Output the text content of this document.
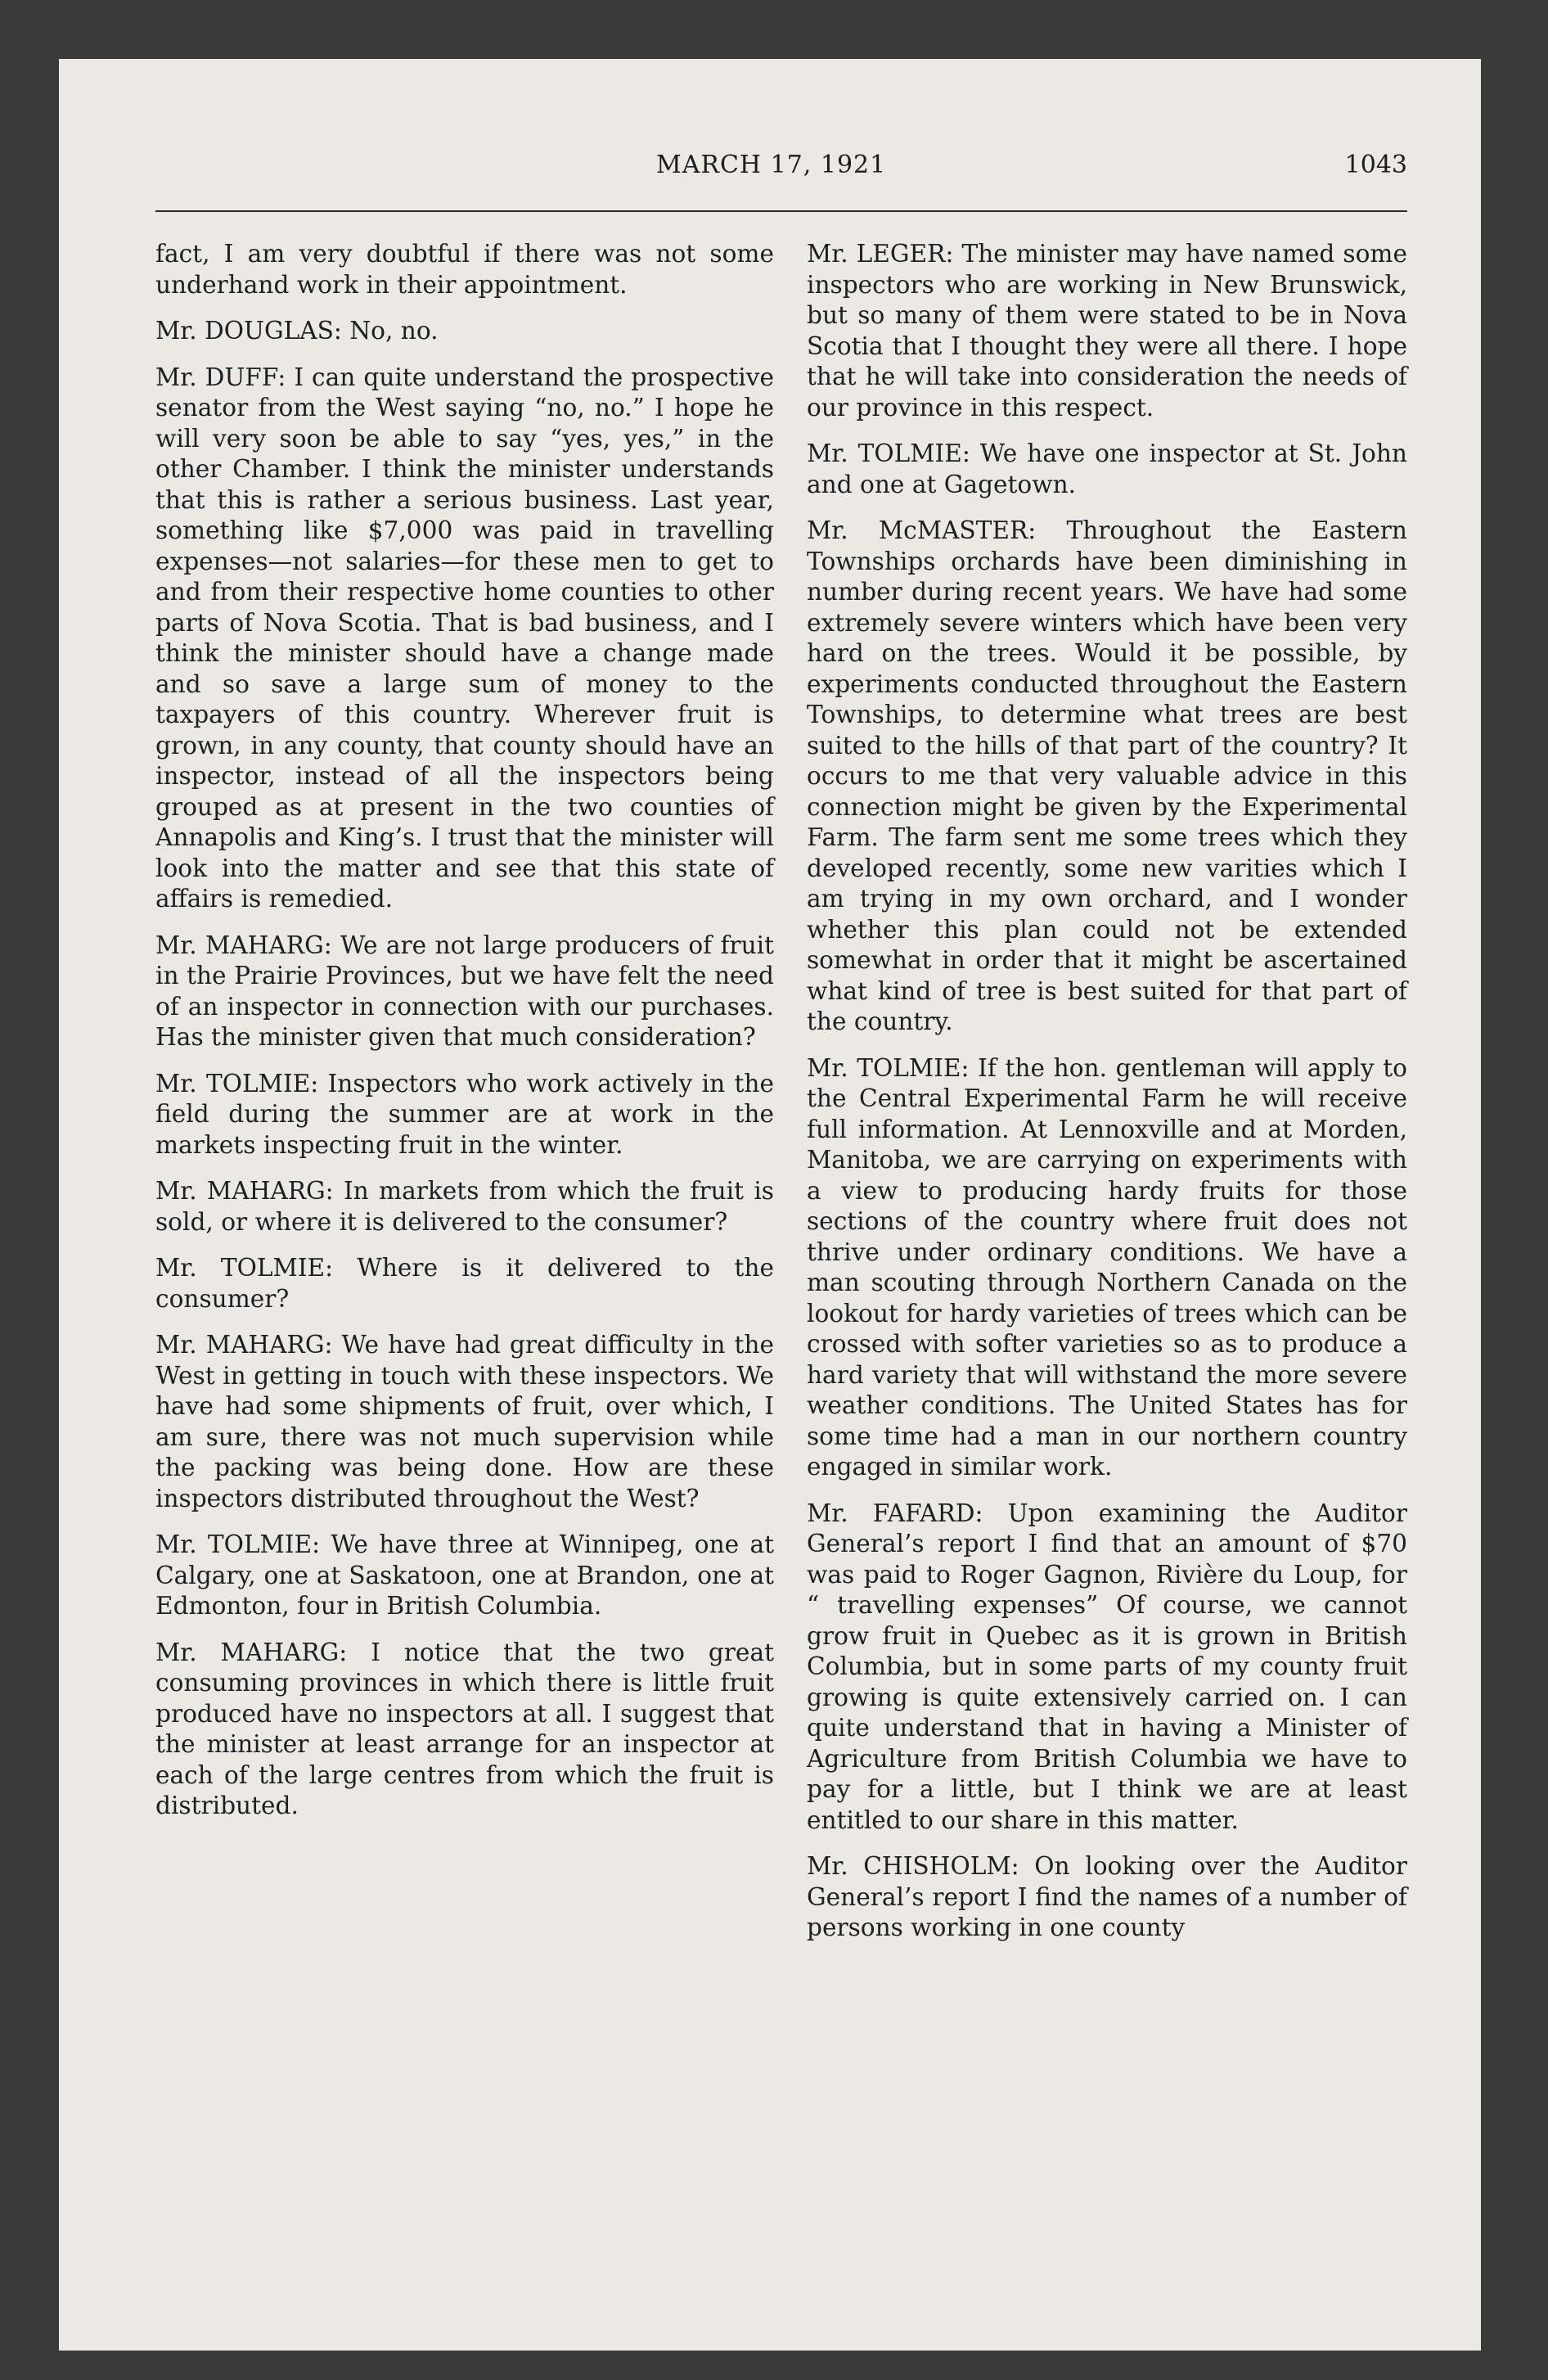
MARCH 17, 1921	1043

fact, I am very doubtful if there was not some underhand work in their appointment.

Mr. DOUGLAS: No, no.

Mr. DUFF: I can quite understand the prospective senator from the West saying “no, no.” I hope he will very soon be able to say “yes, yes,” in the other Chamber. I think the minister understands that this is rather a serious business. Last year, something like $7,000 was paid in travelling expenses—not salaries—for these men to get to and from their respective home counties to other parts of Nova Scotia. That is bad business, and I think the minister should have a change made and so save a large sum of money to the taxpayers of this country. Wherever fruit is grown, in any county, that county should have an inspector, instead of all the inspectors being grouped as at present in the two counties of Annapolis and King’s. I trust that the minister will look into the matter and see that this state of affairs is remedied.

Mr. MAHARG: We are not large producers of fruit in the Prairie Provinces, but we have felt the need of an inspector in connection with our purchases. Has the minister given that much consideration?

Mr. TOLMIE: Inspectors who work actively in the field during the summer are at work in the markets inspecting fruit in the winter.

Mr. MAHARG: In markets from which the fruit is sold, or where it is delivered to the consumer?

Mr. TOLMIE: Where is it delivered to the consumer?

Mr. MAHARG: We have had great difficulty in the West in getting in touch with these inspectors. We have had some shipments of fruit, over which, I am sure, there was not much supervision while the packing was being done. How are these inspectors distributed throughout the West?

Mr. TOLMIE: We have three at Winnipeg, one at Calgary, one at Saskatoon, one at Brandon, one at Edmonton, four in British Columbia.

Mr. MAHARG: I notice that the two great consuming provinces in which there is little fruit produced have no inspectors at all. I suggest that the minister at least arrange for an inspector at each of the large centres from which the fruit is distributed.

Mr. LEGER: The minister may have named some inspectors who are working in New Brunswick, but so many of them were stated to be in Nova Scotia that I thought they were all there. I hope that he will take into consideration the needs of our province in this respect.

Mr. TOLMIE: We have one inspector at St. John and one at Gagetown.

Mr. McMASTER: Throughout the Eastern Townships orchards have been diminishing in number during recent years. We have had some extremely severe winters which have been very hard on the trees. Would it be possible, by experiments conducted throughout the Eastern Townships, to determine what trees are best suited to the hills of that part of the country? It occurs to me that very valuable advice in this connection might be given by the Experimental Farm. The farm sent me some trees which they developed recently, some new varities which I am trying in my own orchard, and I wonder whether this plan could not be extended somewhat in order that it might be ascertained what kind of tree is best suited for that part of the country.

Mr. TOLMIE: If the hon. gentleman will apply to the Central Experimental Farm he will receive full information. At Lennoxville and at Morden, Manitoba, we are carrying on experiments with a view to producing hardy fruits for those sections of the country where fruit does not thrive under ordinary conditions. We have a man scouting through Northern Canada on the lookout for hardy varieties of trees which can be crossed with softer varieties so as to produce a hard variety that will withstand the more severe weather conditions. The United States has for some time had a man in our northern country engaged in similar work.

Mr. FAFARD: Upon examining the Auditor General’s report I find that an amount of $70 was paid to Roger Gagnon, Rivière du Loup, for “ travelling expenses” Of course, we cannot grow fruit in Quebec as it is grown in British Columbia, but in some parts of my county fruit growing is quite extensively carried on. I can quite understand that in having a Minister of Agriculture from British Columbia we have to pay for a little, but I think we are at least entitled to our share in this matter.

Mr. CHISHOLM: On looking over the Auditor General’s report I find the names of a number of persons working in one county
